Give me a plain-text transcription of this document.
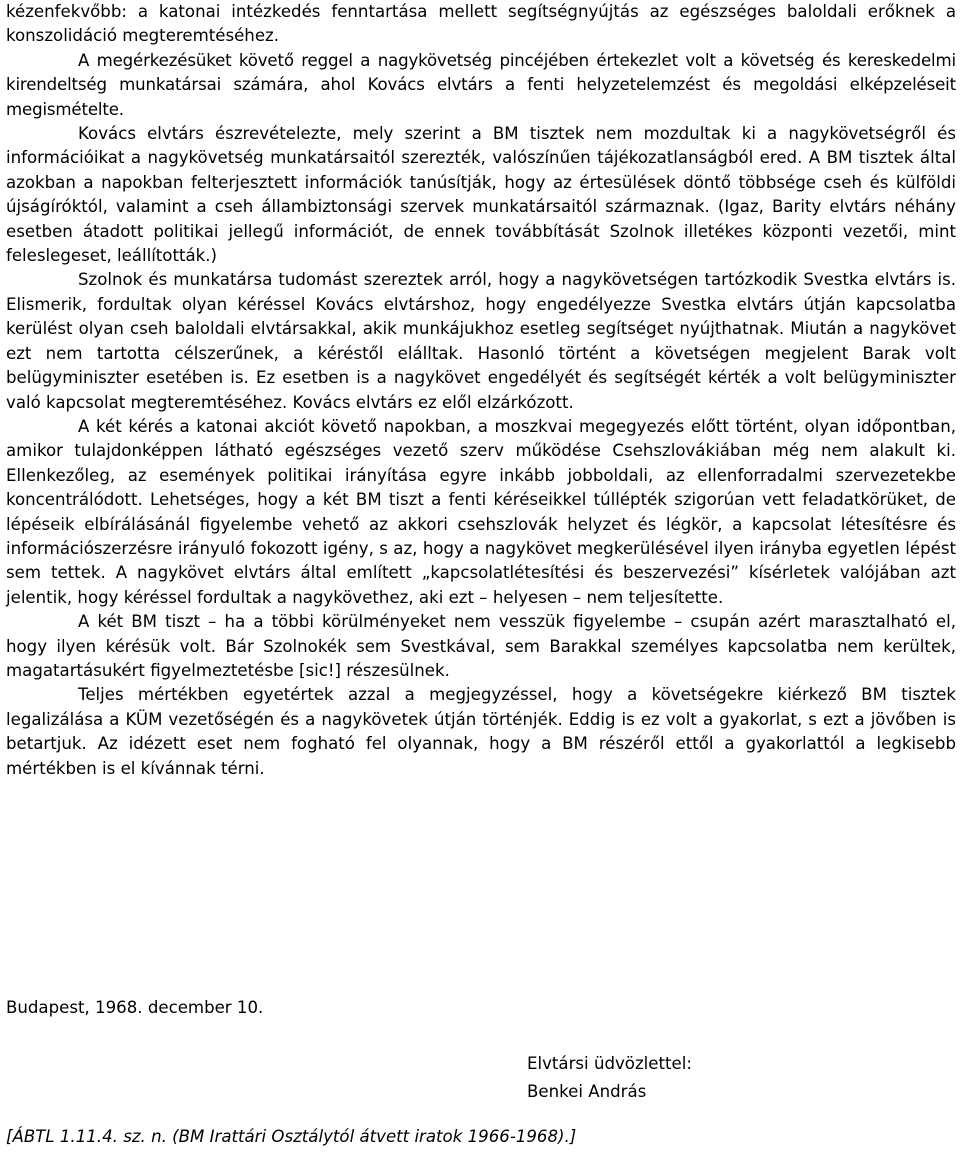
kézenfekvőbb: a katonai intézkedés fenntartása mellett segítségnyújtás az egészséges baloldali erőknek a konszolidáció megteremtéséhez.

A megérkezésüket követő reggel a nagykövetség pincéjében értekezlet volt a követség és kereskedelmi kirendeltség munkatársai számára, ahol Kovács elvtárs a fenti helyzetelemzést és megoldási elképzeléseit megismételte.

Kovács elvtárs észrevételezte, mely szerint a BM tisztek nem mozdultak ki a nagykövetségről és információikat a nagykövetség munkatársaitól szerezték, valószínűen tájékozatlanságból ered. A BM tisztek által azokban a napokban felterjesztett információk tanúsítják, hogy az értesülések döntő többsége cseh és külföldi újságíróktól, valamint a cseh állambiztonsági szervek munkatársaitól származnak. (Igaz, Barity elvtárs néhány esetben átadott politikai jellegű információt, de ennek továbbítását Szolnok illetékes központi vezetői, mint feleslegeset, leállították.)

Szolnok és munkatársa tudomást szereztek arról, hogy a nagykövetségen tartózkodik Svestka elvtárs is. Elismerik, fordultak olyan kéréssel Kovács elvtárshoz, hogy engedélyezze Svestka elvtárs útján kapcsolatba kerülést olyan cseh baloldali elvtársakkal, akik munkájukhoz esetleg segítséget nyújthatnak. Miután a nagykövet ezt nem tartotta célszerűnek, a kéréstől elálltak. Hasonló történt a követségen megjelent Barak volt belügyminiszter esetében is. Ez esetben is a nagykövet engedélyét és segítségét kérték a volt belügyminiszter való kapcsolat megteremtéséhez. Kovács elvtárs ez elől elzárkózott.

A két kérés a katonai akciót követő napokban, a moszkvai megegyezés előtt történt, olyan időpontban, amikor tulajdonképpen látható egészséges vezető szerv működése Csehszlovákiában még nem alakult ki. Ellenkezőleg, az események politikai irányítása egyre inkább jobboldali, az ellenforradalmi szervezetekbe koncentrálódott. Lehetséges, hogy a két BM tiszt a fenti kéréseikkel túllépték szigorúan vett feladatkörüket, de lépéseik elbírálásánál figyelembe vehető az akkori csehszlovák helyzet és légkör, a kapcsolat létesítésre és információszerzésre irányuló fokozott igény, s az, hogy a nagykövet megkerülésével ilyen irányba egyetlen lépést sem tettek. A nagykövet elvtárs által említett „kapcsolatlétesítési és beszervezési” kísérletek valójában azt jelentik, hogy kéréssel fordultak a nagykövethez, aki ezt – helyesen – nem teljesítette.

A két BM tiszt – ha a többi körülményeket nem vesszük figyelembe – csupán azért marasztalható el, hogy ilyen kérésük volt. Bár Szolnokék sem Svestkával, sem Barakkal személyes kapcsolatba nem kerültek, magatartásukért figyelmeztetésbe [sic!] részesülnek.

Teljes mértékben egyetértek azzal a megjegyzéssel, hogy a követségekre kiérkező BM tisztek legalizálása a KÜM vezetőségén és a nagykövetek útján történjék. Eddig is ez volt a gyakorlat, s ezt a jövőben is betartjuk. Az idézett eset nem fogható fel olyannak, hogy a BM részéről ettől a gyakorlattól a legkisebb mértékben is el kívánnak térni.

Budapest, 1968. december 10.

Elvtársi üdvözlettel:

Benkei András

[ÁBTL 1.11.4. sz. n. (BM Irattári Osztálytól átvett iratok 1966-1968).]
